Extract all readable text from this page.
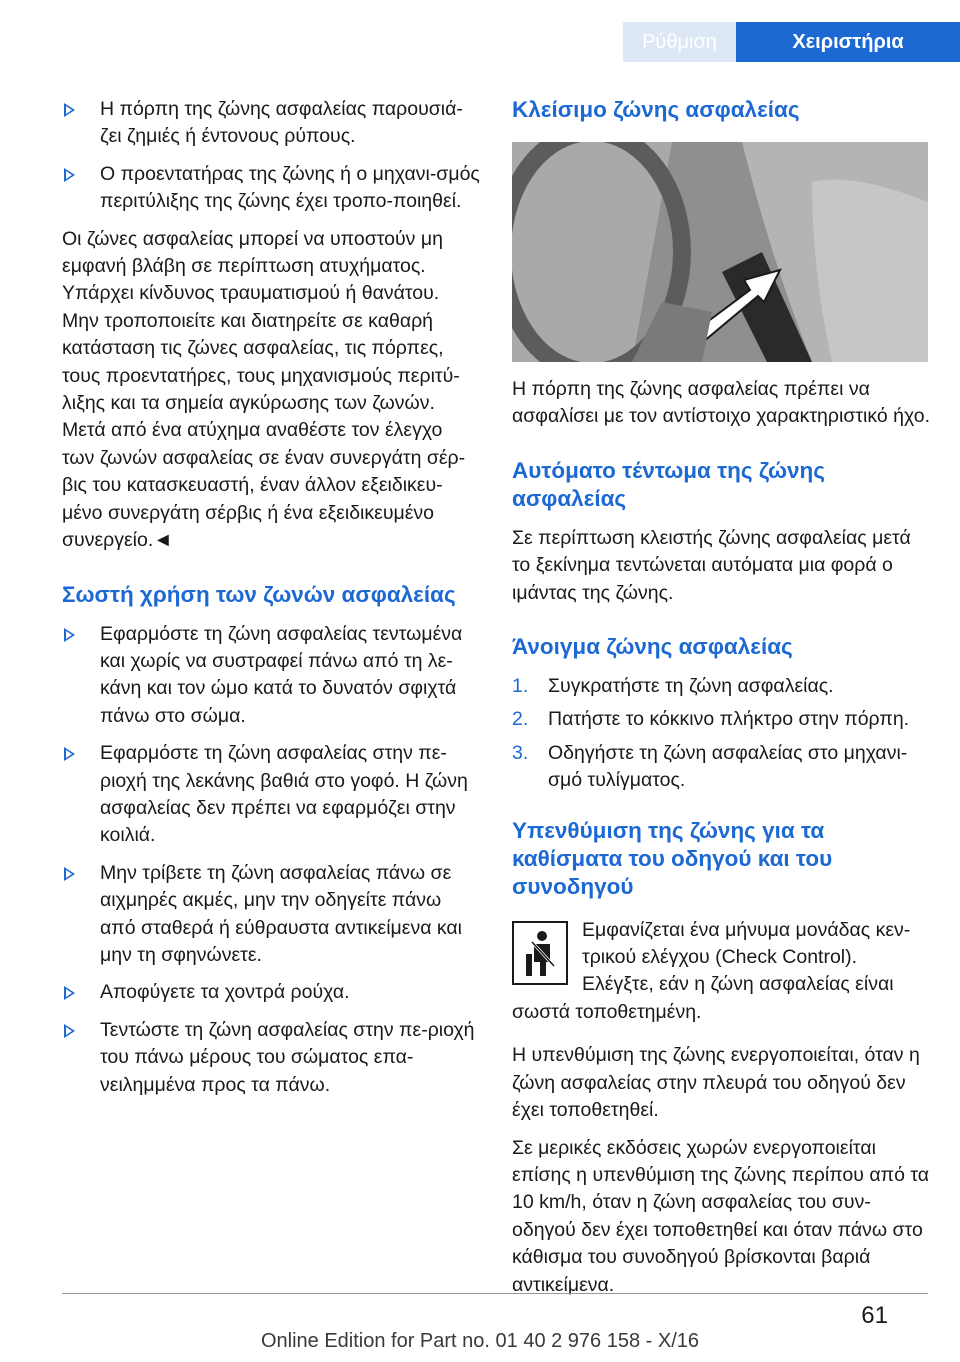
Ρύθμιση	Χειριστήρια
Η πόρπη της ζώνης ασφαλείας παρουσιά‐ζει ζημιές ή έντονους ρύπους.
Ο προεντατήρας της ζώνης ή ο μηχανι‐σμός περιτύλιξης της ζώνης έχει τροπο‐ποιηθεί.

Οι ζώνες ασφαλείας μπορεί να υποστούν μη εμφανή βλάβη σε περίπτωση ατυχήματος. Υπάρχει κίνδυνος τραυματισμού ή θανάτου. Μην τροποποιείτε και διατηρείτε σε καθαρή κατάσταση τις ζώνες ασφαλείας, τις πόρπες, τους προεντατήρες, τους μηχανισμούς περιτύ‐λιξης και τα σημεία αγκύρωσης των ζωνών. Μετά από ένα ατύχημα αναθέστε τον έλεγχο των ζωνών ασφαλείας σε έναν συνεργάτη σέρ‐βις του κατασκευαστή, έναν άλλον εξειδικευ‐μένο συνεργάτη σέρβις ή ένα εξειδικευμένο συνεργείο.◄

Σωστή χρήση των ζωνών ασφαλείας
Εφαρμόστε τη ζώνη ασφαλείας τεντωμένα και χωρίς να συστραφεί πάνω από τη λε‐κάνη και τον ώμο κατά το δυνατόν σφιχτά πάνω στο σώμα.
Εφαρμόστε τη ζώνη ασφαλείας στην πε‐ριοχή της λεκάνης βαθιά στο γοφό. Η ζώνη ασφαλείας δεν πρέπει να εφαρμόζει στην κοιλιά.
Μην τρίβετε τη ζώνη ασφαλείας πάνω σε αιχμηρές ακμές, μην την οδηγείτε πάνω από σταθερά ή εύθραυστα αντικείμενα και μην τη σφηνώνετε.
Αποφύγετε τα χοντρά ρούχα.
Τεντώστε τη ζώνη ασφαλείας στην πε‐ριοχή του πάνω μέρους του σώματος επα‐νειλημμένα προς τα πάνω.
Κλείσιμο ζώνης ασφαλείας

Η πόρπη της ζώνης ασφαλείας πρέπει να ασφαλίσει με τον αντίστοιχο χαρακτηριστικό ήχο.

Αυτόματο τέντωμα της ζώνης ασφαλείας

Σε περίπτωση κλειστής ζώνης ασφαλείας μετά το ξεκίνημα τεντώνεται αυτόματα μια φορά ο ιμάντας της ζώνης.

Άνοιγμα ζώνης ασφαλείας
1. Συγκρατήστε τη ζώνη ασφαλείας.
2. Πατήστε το κόκκινο πλήκτρο στην πόρπη.
3. Οδηγήστε τη ζώνη ασφαλείας στο μηχανι‐σμό τυλίγματος.
Υπενθύμιση της ζώνης για τα καθίσματα του οδηγού και του συνοδηγού

Εμφανίζεται ένα μήνυμα μονάδας κεν‐τρικού ελέγχου (Check Control). Ελέγξτε, εάν η ζώνη ασφαλείας είναι σωστά τοποθετημένη.

Η υπενθύμιση της ζώνης ενεργοποιείται, όταν η ζώνη ασφαλείας στην πλευρά του οδηγού δεν έχει τοποθετηθεί.

Σε μερικές εκδόσεις χωρών ενεργοποιείται επίσης η υπενθύμιση της ζώνης περίπου από τα 10 km/h, όταν η ζώνη ασφαλείας του συν‐οδηγού δεν έχει τοποθετηθεί και όταν πάνω στο κάθισμα του συνοδηγού βρίσκονται βαριά αντικείμενα.

61
Online Edition for Part no. 01 40 2 976 158 - X/16
